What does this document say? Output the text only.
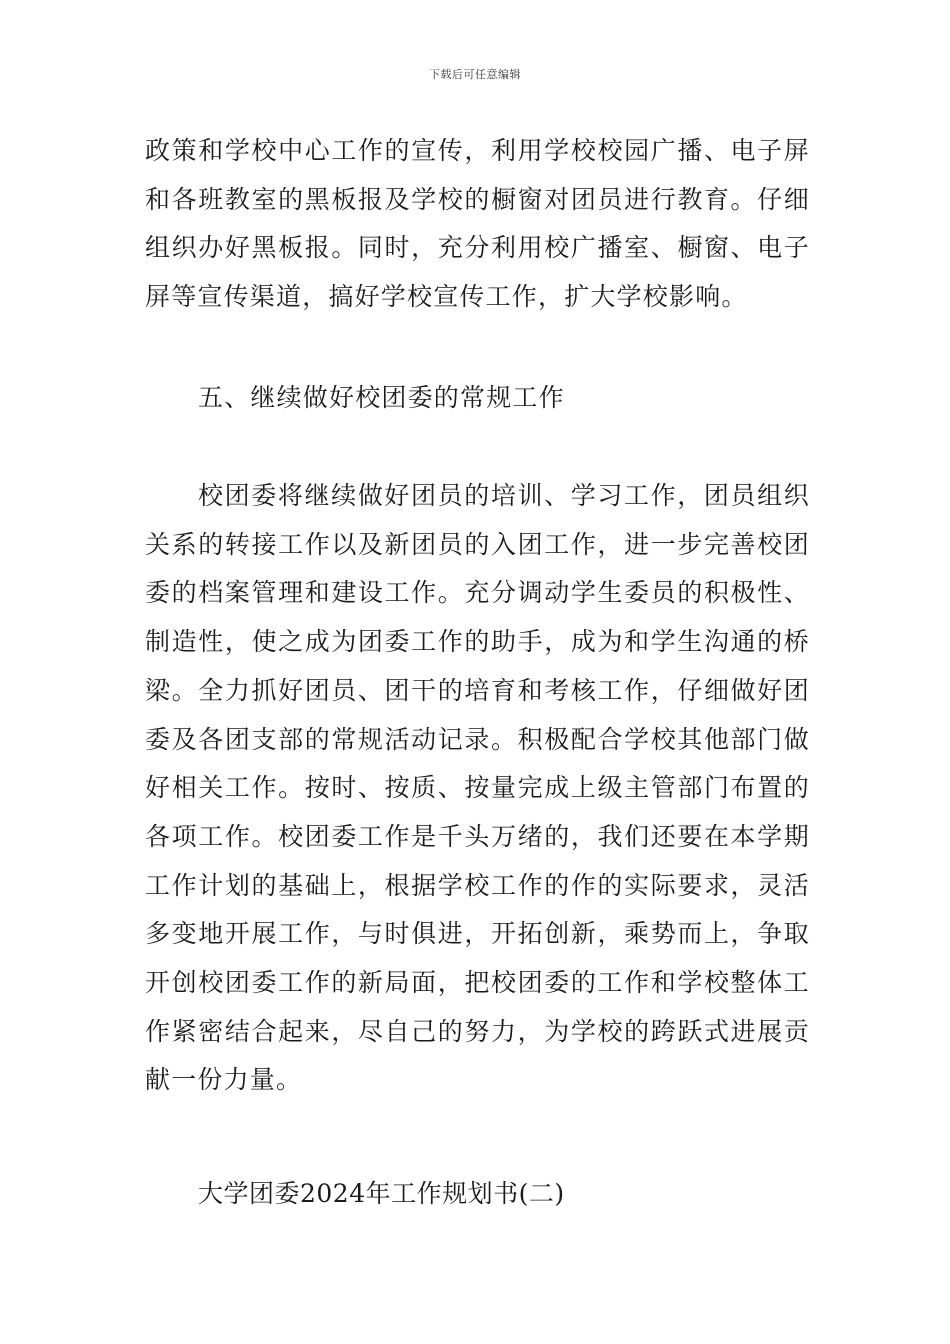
下载后可任意编辑

政策和学校中心工作的宣传，利用学校校园广播、电子屏和各班教室的黑板报及学校的橱窗对团员进行教育。仔细组织办好黑板报。同时，充分利用校广播室、橱窗、电子屏等宣传渠道，搞好学校宣传工作，扩大学校影响。

五、继续做好校团委的常规工作

校团委将继续做好团员的培训、学习工作，团员组织关系的转接工作以及新团员的入团工作，进一步完善校团委的档案管理和建设工作。充分调动学生委员的积极性、制造性，使之成为团委工作的助手，成为和学生沟通的桥梁。全力抓好团员、团干的培育和考核工作，仔细做好团委及各团支部的常规活动记录。积极配合学校其他部门做好相关工作。按时、按质、按量完成上级主管部门布置的各项工作。校团委工作是千头万绪的，我们还要在本学期工作计划的基础上，根据学校工作的作的实际要求，灵活多变地开展工作，与时俱进，开拓创新，乘势而上，争取开创校团委工作的新局面，把校团委的工作和学校整体工作紧密结合起来，尽自己的努力，为学校的跨跃式进展贡献一份力量。

大学团委2024年工作规划书(二)
